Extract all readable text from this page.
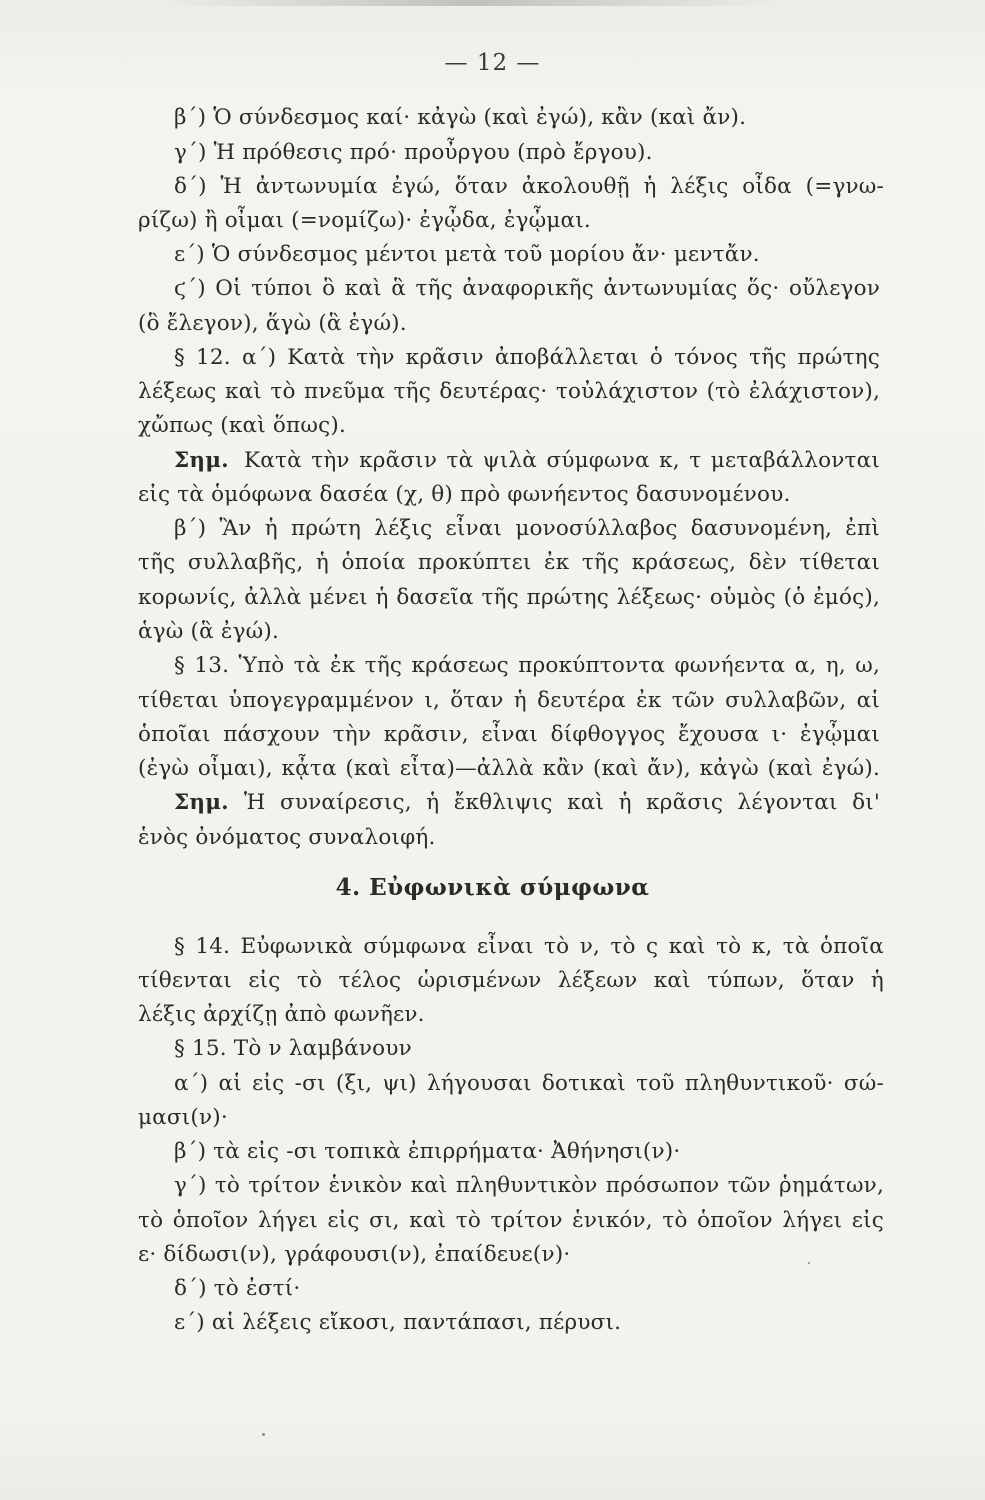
— 12 —
β΄) Ὁ σύνδεσμος καί· κἀγὼ (καὶ ἐγώ), κἂν (καὶ ἄν).
γ΄) Ἡ πρόθεσις πρό· προὖργου (πρὸ ἔργου).
δ΄) Ἡ ἀντωνυμία ἐγώ, ὅταν ἀκολουθῇ ἡ λέξις οἶδα (=γνω-
ρίζω) ἢ οἶμαι (=νομίζω)· ἐγᾦδα, ἐγᾦμαι.
ε΄) Ὁ σύνδεσμος μέντοι μετὰ τοῦ μορίου ἄν· μεντἄν.
ϛ΄) Οἱ τύποι ὃ καὶ ἃ τῆς ἀναφορικῆς ἀντωνυμίας ὅς· οὔλεγον
(ὃ ἔλεγον), ἅγὼ (ἃ ἐγώ).
§ 12. α΄) Κατὰ τὴν κρᾶσιν ἀποβάλλεται ὁ τόνος τῆς πρώτης
λέξεως καὶ τὸ πνεῦμα τῆς δευτέρας· τοὐλάχιστον (τὸ ἐλάχιστον),
χὤπως (καὶ ὅπως).
Σημ. Κατὰ τὴν κρᾶσιν τὰ ψιλὰ σύμφωνα κ, τ μεταβάλλονται
εἰς τὰ ὁμόφωνα δασέα (χ, θ) πρὸ φωνήεντος δασυνομένου.
β΄) Ἂν ἡ πρώτη λέξις εἶναι μονοσύλλαβος δασυνομένη, ἐπὶ
τῆς συλλαβῆς, ἡ ὁποία προκύπτει ἐκ τῆς κράσεως, δὲν τίθεται
κορωνίς, ἀλλὰ μένει ἡ δασεῖα τῆς πρώτης λέξεως· οὑμὸς (ὁ ἐμός),
ἁγὼ (ἃ ἐγώ).
§ 13. Ὑπὸ τὰ ἐκ τῆς κράσεως προκύπτοντα φωνήεντα α, η, ω,
τίθεται ὑπογεγραμμένον ι, ὅταν ἡ δευτέρα ἐκ τῶν συλλαβῶν, αἱ
ὁποῖαι πάσχουν τὴν κρᾶσιν, εἶναι δίφθογγος ἔχουσα ι· ἐγᾦμαι
(ἐγὼ οἶμαι), κᾆτα (καὶ εἶτα)—ἀλλὰ κἂν (καὶ ἄν), κἀγὼ (καὶ ἐγώ).
Σημ. Ἡ συναίρεσις, ἡ ἔκθλιψις καὶ ἡ κρᾶσις λέγονται δι'
ἑνὸς ὀνόματος συναλοιφή.
4. Εὐφωνικὰ σύμφωνα
§ 14. Εὐφωνικὰ σύμφωνα εἶναι τὸ ν, τὸ ς καὶ τὸ κ, τὰ ὁποῖα
τίθενται εἰς τὸ τέλος ὡρισμένων λέξεων καὶ τύπων, ὅταν ἡ
λέξις ἀρχίζῃ ἀπὸ φωνῆεν.
§ 15. Τὸ ν λαμβάνουν
α΄) αἱ εἰς -σι (ξι, ψι) λήγουσαι δοτικαὶ τοῦ πληθυντικοῦ· σώ-
μασι(ν)·
β΄) τὰ εἰς -σι τοπικὰ ἐπιρρήματα· Ἀθήνησι(ν)·
γ΄) τὸ τρίτον ἑνικὸν καὶ πληθυντικὸν πρόσωπον τῶν ῥημάτων,
τὸ ὁποῖον λήγει εἰς σι, καὶ τὸ τρίτον ἑνικόν, τὸ ὁποῖον λήγει εἰς
ε· δίδωσι(ν), γράφουσι(ν), ἐπαίδευε(ν)·
δ΄) τὸ ἐστί·
ε΄) αἱ λέξεις εἴκοσι, παντάπασι, πέρυσι.
